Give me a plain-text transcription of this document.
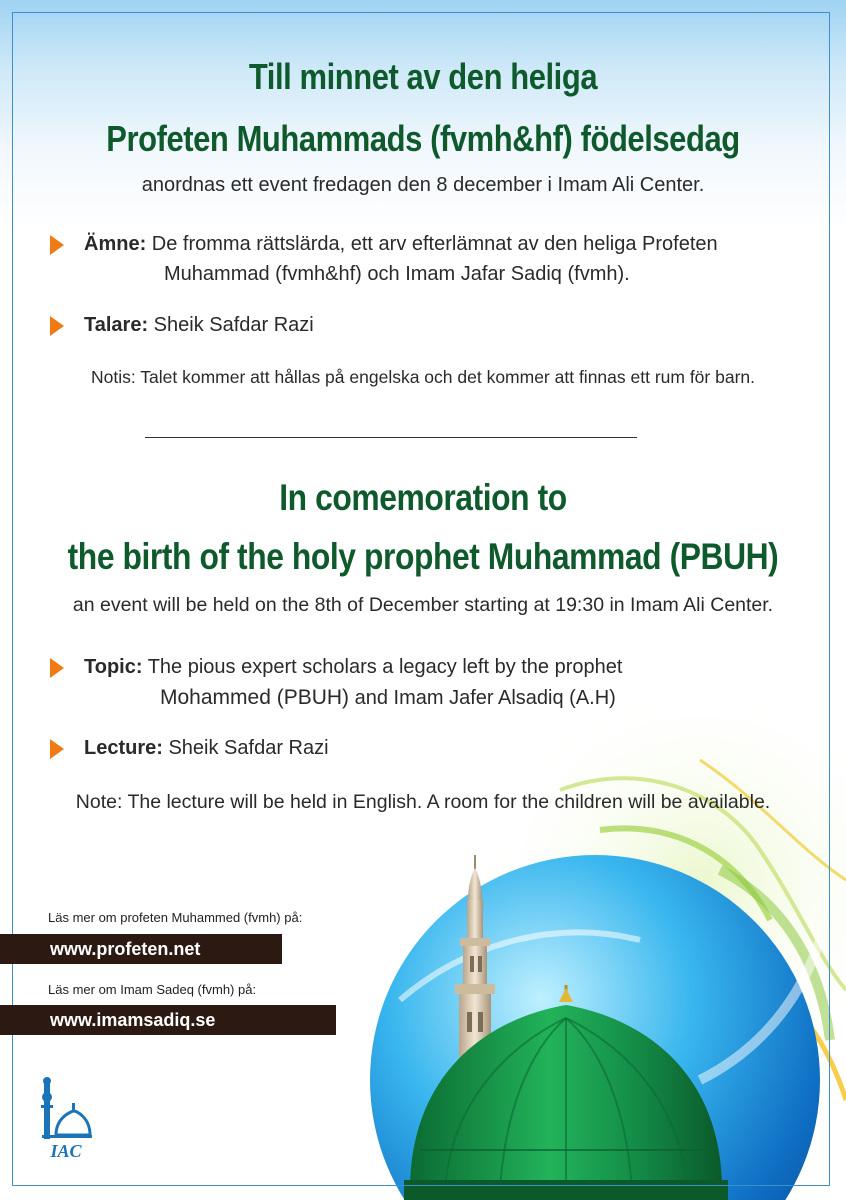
Till minnet av den heliga
Profeten Muhammads (fvmh&hf) födelsedag
anordnas ett event fredagen den 8 december i Imam Ali Center.
Ämne: De fromma rättslärda, ett arv efterlämnat av den heliga Profeten
Muhammad (fvmh&hf) och Imam Jafar Sadiq (fvmh).
Talare: Sheik Safdar Razi
Notis: Talet kommer att hållas på engelska och det kommer att finnas ett rum för barn.
In comemoration to
the birth of the holy prophet Muhammad (PBUH)
an event will be held on the 8th of December starting at 19:30 in Imam Ali Center.
Topic: The pious expert scholars a legacy left by the prophet
Mohammed (PBUH) and Imam Jafer Alsadiq (A.H)
Lecture: Sheik Safdar Razi
Note: The lecture will be held in English. A room for the children will be available.
Läs mer om profeten Muhammed (fvmh) på:
www.profeten.net
Läs mer om Imam Sadeq (fvmh) på:
www.imamsadiq.se
IAC
